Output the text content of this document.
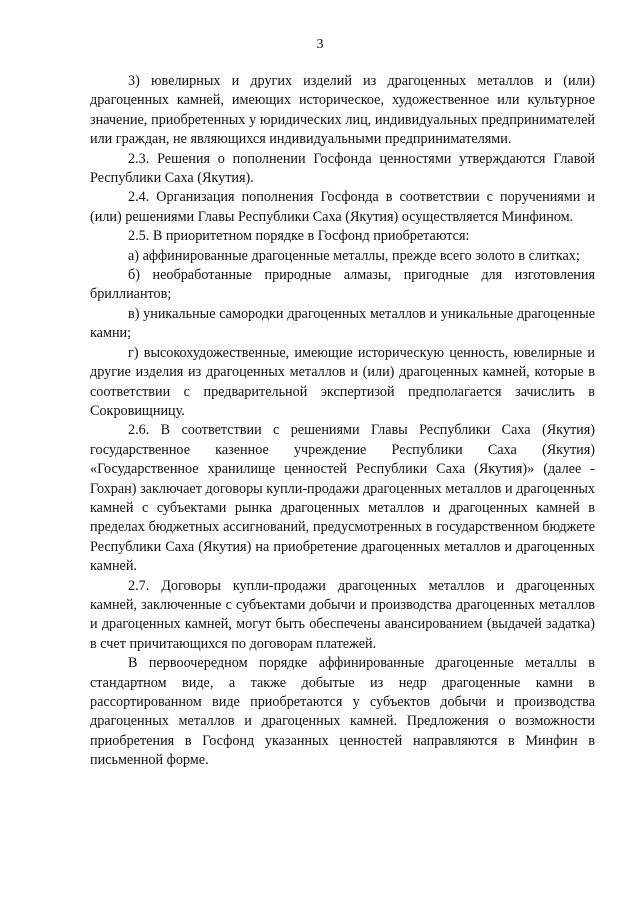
3

3) ювелирных и других изделий из драгоценных металлов и (или) драгоценных камней, имеющих историческое, художественное или культурное значение, приобретенных у юридических лиц, индивидуальных предпринимателей или граждан, не являющихся индивидуальными предпринимателями.

2.3. Решения о пополнении Госфонда ценностями утверждаются Главой Республики Саха (Якутия).

2.4. Организация пополнения Госфонда в соответствии с поручениями и (или) решениями Главы Республики Саха (Якутия) осуществляется Минфином.

2.5. В приоритетном порядке в Госфонд приобретаются:

а) аффинированные драгоценные металлы, прежде всего золото в слитках;

б) необработанные природные алмазы, пригодные для изготовления бриллиантов;

в) уникальные самородки драгоценных металлов и уникальные драгоценные камни;

г) высокохудожественные, имеющие историческую ценность, ювелирные и другие изделия из драгоценных металлов и (или) драгоценных камней, которые в соответствии с предварительной экспертизой предполагается зачислить в Сокровищницу.

2.6. В соответствии с решениями Главы Республики Саха (Якутия) государственное казенное учреждение Республики Саха (Якутия) «Государственное хранилище ценностей Республики Саха (Якутия)» (далее - Гохран) заключает договоры купли-продажи драгоценных металлов и драгоценных камней с субъектами рынка драгоценных металлов и драгоценных камней в пределах бюджетных ассигнований, предусмотренных в государственном бюджете Республики Саха (Якутия) на приобретение драгоценных металлов и драгоценных камней.

2.7. Договоры купли-продажи драгоценных металлов и драгоценных камней, заключенные с субъектами добычи и производства драгоценных металлов и драгоценных камней, могут быть обеспечены авансированием (выдачей задатка) в счет причитающихся по договорам платежей.

В первоочередном порядке аффинированные драгоценные металлы в стандартном виде, а также добытые из недр драгоценные камни в рассортированном виде приобретаются у субъектов добычи и производства драгоценных металлов и драгоценных камней. Предложения о возможности приобретения в Госфонд указанных ценностей направляются в Минфин в письменной форме.
